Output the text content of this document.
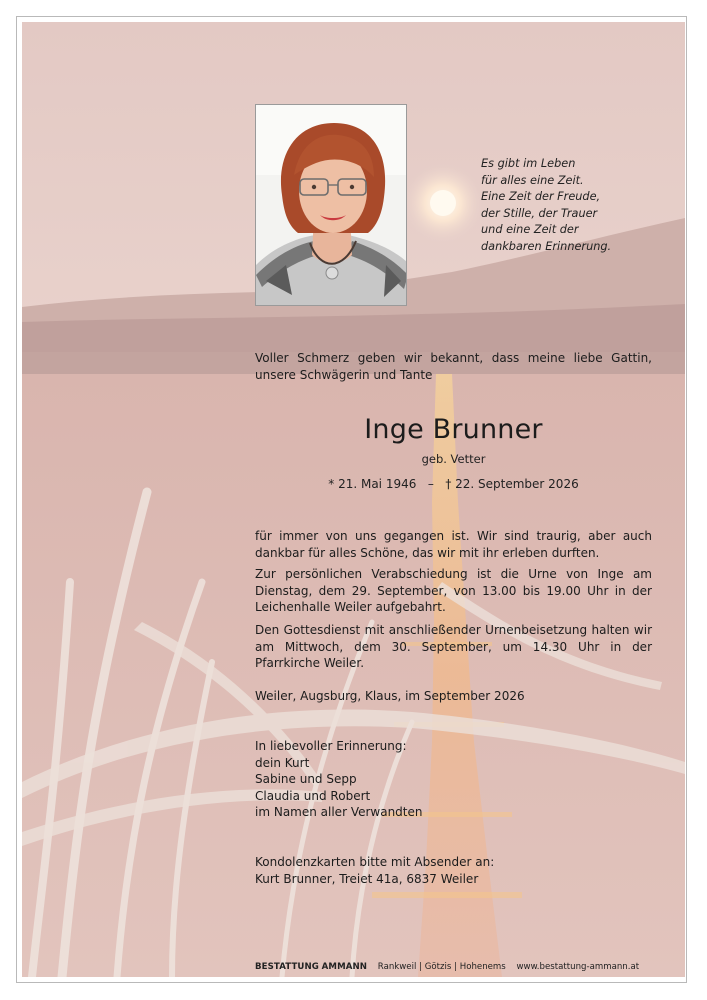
Es gibt im Leben
für alles eine Zeit.
Eine Zeit der Freude,
der Stille, der Trauer
und eine Zeit der
dankbaren Erinnerung.
Voller Schmerz geben wir bekannt, dass meine liebe Gattin, unsere Schwägerin und Tante
Inge Brunner
geb. Vetter
* 21. Mai 1946 – † 22. September 2026
für immer von uns gegangen ist. Wir sind traurig, aber auch dankbar für alles Schöne, das wir mit ihr erleben durften.
Zur persönlichen Verabschiedung ist die Urne von Inge am Dienstag, dem 29. September, von 13.00 bis 19.00 Uhr in der Leichenhalle Weiler aufgebahrt.
Den Gottesdienst mit anschließender Urnenbeisetzung halten wir am Mittwoch, dem 30. September, um 14.30 Uhr in der Pfarrkirche Weiler.
Weiler, Augsburg, Klaus, im September 2026
In liebevoller Erinnerung:
dein Kurt
Sabine und Sepp
Claudia und Robert
im Namen aller Verwandten
Kondolenzkarten bitte mit Absender an:
Kurt Brunner, Treiet 41a, 6837 Weiler
BESTATTUNG AMMANN Rankweil | Götzis | Hohenems www.bestattung-ammann.at
